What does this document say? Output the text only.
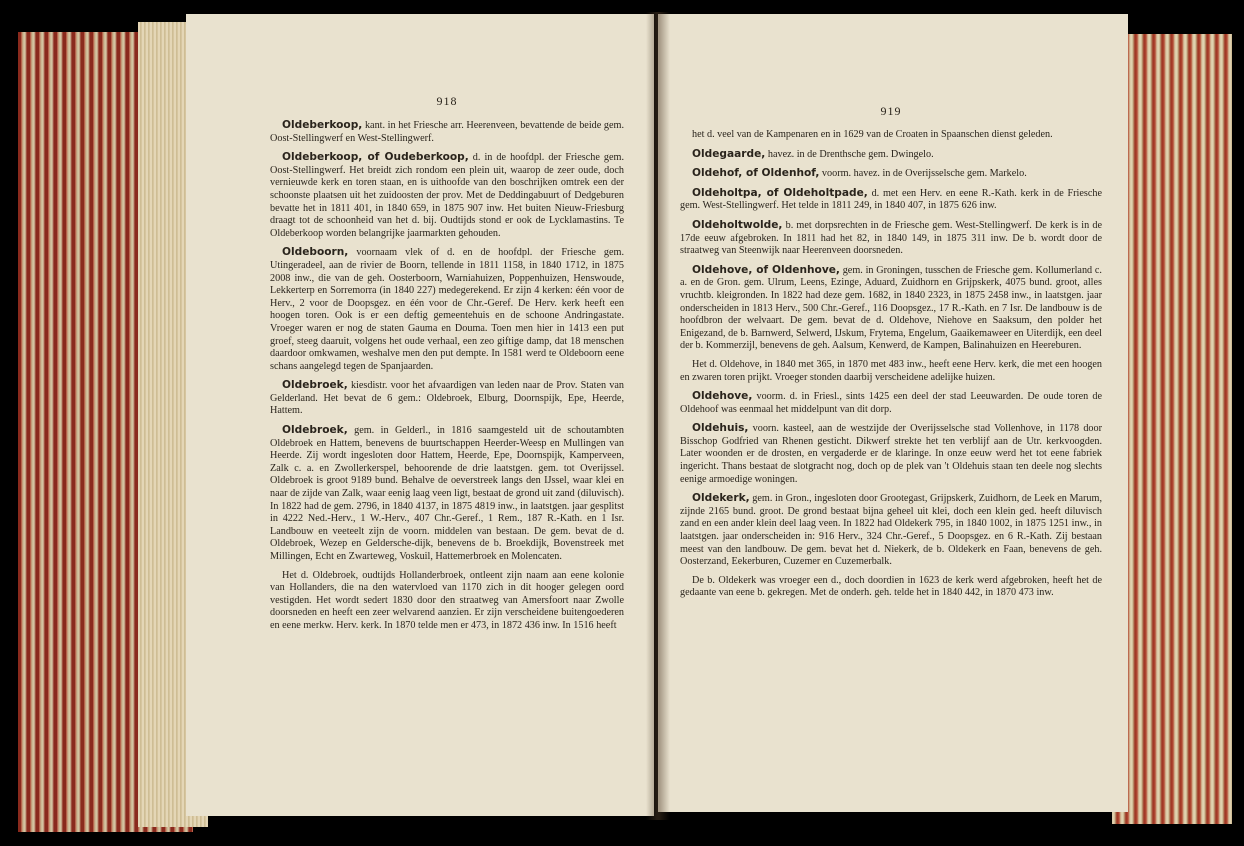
918

Oldeberkoop, kant. in het Friesche arr. Heerenveen, bevattende de beide gem. Oost-Stellingwerf en West-Stellingwerf.

Oldeberkoop, of Oudeberkoop, d. in de hoofdpl. der Friesche gem. Oost-Stellingwerf. Het breidt zich rondom een plein uit, waarop de zeer oude, doch vernieuwde kerk en toren staan, en is uithoofde van den boschrijken omtrek een der schoonste plaatsen uit het zuidoosten der prov. Met de Deddingabuurt of Dedgeburen bevatte het in 1811 401, in 1840 659, in 1875 907 inw. Het buiten Nieuw-Friesburg draagt tot de schoonheid van het d. bij. Oudtijds stond er ook de Lycklamastins. Te Oldeberkoop worden belangrijke jaarmarkten gehouden.

Oldeboorn, voornaam vlek of d. en de hoofdpl. der Friesche gem. Utingeradeel, aan de rivier de Boorn, tellende in 1811 1158, in 1840 1712, in 1875 2008 inw., die van de geh. Oosterboorn, Warniahuizen, Poppenhuizen, Henswoude, Lekkerterp en Sorremorra (in 1840 227) medegerekend. Er zijn 4 kerken: één voor de Herv., 2 voor de Doopsgez. en één voor de Chr.-Geref. De Herv. kerk heeft een hoogen toren. Ook is er een deftig gemeentehuis en de schoone Andringastate. Vroeger waren er nog de staten Gauma en Douma. Toen men hier in 1413 een put groef, steeg daaruit, volgens het oude verhaal, een zeo giftige damp, dat 18 menschen daardoor omkwamen, weshalve men den put dempte. In 1581 werd te Oldeboorn eene schans aangelegd tegen de Spanjaarden.

Oldebroek, kiesdistr. voor het afvaardigen van leden naar de Prov. Staten van Gelderland. Het bevat de 6 gem.: Oldebroek, Elburg, Doornspijk, Epe, Heerde, Hattem.

Oldebroek, gem. in Gelderl., in 1816 saamgesteld uit de schoutambten Oldebroek en Hattem, benevens de buurtschappen Heerder-Weesp en Mullingen van Heerde. Zij wordt ingesloten door Hattem, Heerde, Epe, Doornspijk, Kamperveen, Zalk c. a. en Zwollerkerspel, behoorende de drie laatstgen. gem. tot Overijssel. Oldebroek is groot 9189 bund. Behalve de oeverstreek langs den IJssel, waar klei en naar de zijde van Zalk, waar eenig laag veen ligt, bestaat de grond uit zand (diluvisch). In 1822 had de gem. 2796, in 1840 4137, in 1875 4819 inw., in laatstgen. jaar gesplitst in 4222 Ned.-Herv., 1 W.-Herv., 407 Chr.-Geref., 1 Rem., 187 R.-Kath. en 1 Isr. Landbouw en veeteelt zijn de voorn. middelen van bestaan. De gem. bevat de d. Oldebroek, Wezep en Geldersche-dijk, benevens de b. Broekdijk, Bovenstreek met Millingen, Echt en Zwarteweg, Voskuil, Hattemerbroek en Molencaten.

Het d. Oldebroek, oudtijds Hollanderbroek, ontleent zijn naam aan eene kolonie van Hollanders, die na den watervloed van 1170 zich in dit hooger gelegen oord vestigden. Het wordt sedert 1830 door den straatweg van Amersfoort naar Zwolle doorsneden en heeft een zeer welvarend aanzien. Er zijn verscheidene buitengoederen en eene merkw. Herv. kerk. In 1870 telde men er 473, in 1872 436 inw. In 1516 heeft

919

het d. veel van de Kampenaren en in 1629 van de Croaten in Spaanschen dienst geleden.

Oldegaarde, havez. in de Drenthsche gem. Dwingelo.

Oldehof, of Oldenhof, voorm. havez. in de Overijsselsche gem. Markelo.

Oldeholtpa, of Oldeholtpade, d. met een Herv. en eene R.-Kath. kerk in de Friesche gem. West-Stellingwerf. Het telde in 1811 249, in 1840 407, in 1875 626 inw.

Oldeholtwolde, b. met dorpsrechten in de Friesche gem. West-Stellingwerf. De kerk is in de 17de eeuw afgebroken. In 1811 had het 82, in 1840 149, in 1875 311 inw. De b. wordt door de straatweg van Steenwijk naar Heerenveen doorsneden.

Oldehove, of Oldenhove, gem. in Groningen, tusschen de Friesche gem. Kollumerland c. a. en de Gron. gem. Ulrum, Leens, Ezinge, Aduard, Zuidhorn en Grijpskerk, 4075 bund. groot, alles vruchtb. kleigronden. In 1822 had deze gem. 1682, in 1840 2323, in 1875 2458 inw., in laatstgen. jaar onderscheiden in 1813 Herv., 500 Chr.-Geref., 116 Doopsgez., 17 R.-Kath. en 7 Isr. De landbouw is de hoofdbron der welvaart. De gem. bevat de d. Oldehove, Niehove en Saaksum, den polder het Enigezand, de b. Barnwerd, Selwerd, IJskum, Frytema, Engelum, Gaaikemaweer en Uiterdijk, een deel der b. Kommerzijl, benevens de geh. Aalsum, Kenwerd, de Kampen, Balinahuizen en Heereburen.

Het d. Oldehove, in 1840 met 365, in 1870 met 483 inw., heeft eene Herv. kerk, die met een hoogen en zwaren toren prijkt. Vroeger stonden daarbij verscheidene adelijke huizen.

Oldehove, voorm. d. in Friesl., sints 1425 een deel der stad Leeuwarden. De oude toren de Oldehoof was eenmaal het middelpunt van dit dorp.

Oldehuis, voorn. kasteel, aan de westzijde der Overijsselsche stad Vollenhove, in 1178 door Bisschop Godfried van Rhenen gesticht. Dikwerf strekte het ten verblijf aan de Utr. kerkvoogden. Later woonden er de drosten, en vergaderde er de klaringe. In onze eeuw werd het tot eene fabriek ingericht. Thans bestaat de slotgracht nog, doch op de plek van 't Oldehuis staan ten deele nog slechts eenige armoedige woningen.

Oldekerk, gem. in Gron., ingesloten door Grootegast, Grijpskerk, Zuidhorn, de Leek en Marum, zijnde 2165 bund. groot. De grond bestaat bijna geheel uit klei, doch een klein ged. heeft diluvisch zand en een ander klein deel laag veen. In 1822 had Oldekerk 795, in 1840 1002, in 1875 1251 inw., in laatstgen. jaar onderscheiden in: 916 Herv., 324 Chr.-Geref., 5 Doopsgez. en 6 R.-Kath. Zij bestaan meest van den landbouw. De gem. bevat het d. Niekerk, de b. Oldekerk en Faan, benevens de geh. Oosterzand, Eekerburen, Cuzemer en Cuzemerbalk.

De b. Oldekerk was vroeger een d., doch doordien in 1623 de kerk werd afgebroken, heeft het de gedaante van eene b. gekregen. Met de onderh. geh. telde het in 1840 442, in 1870 473 inw.
